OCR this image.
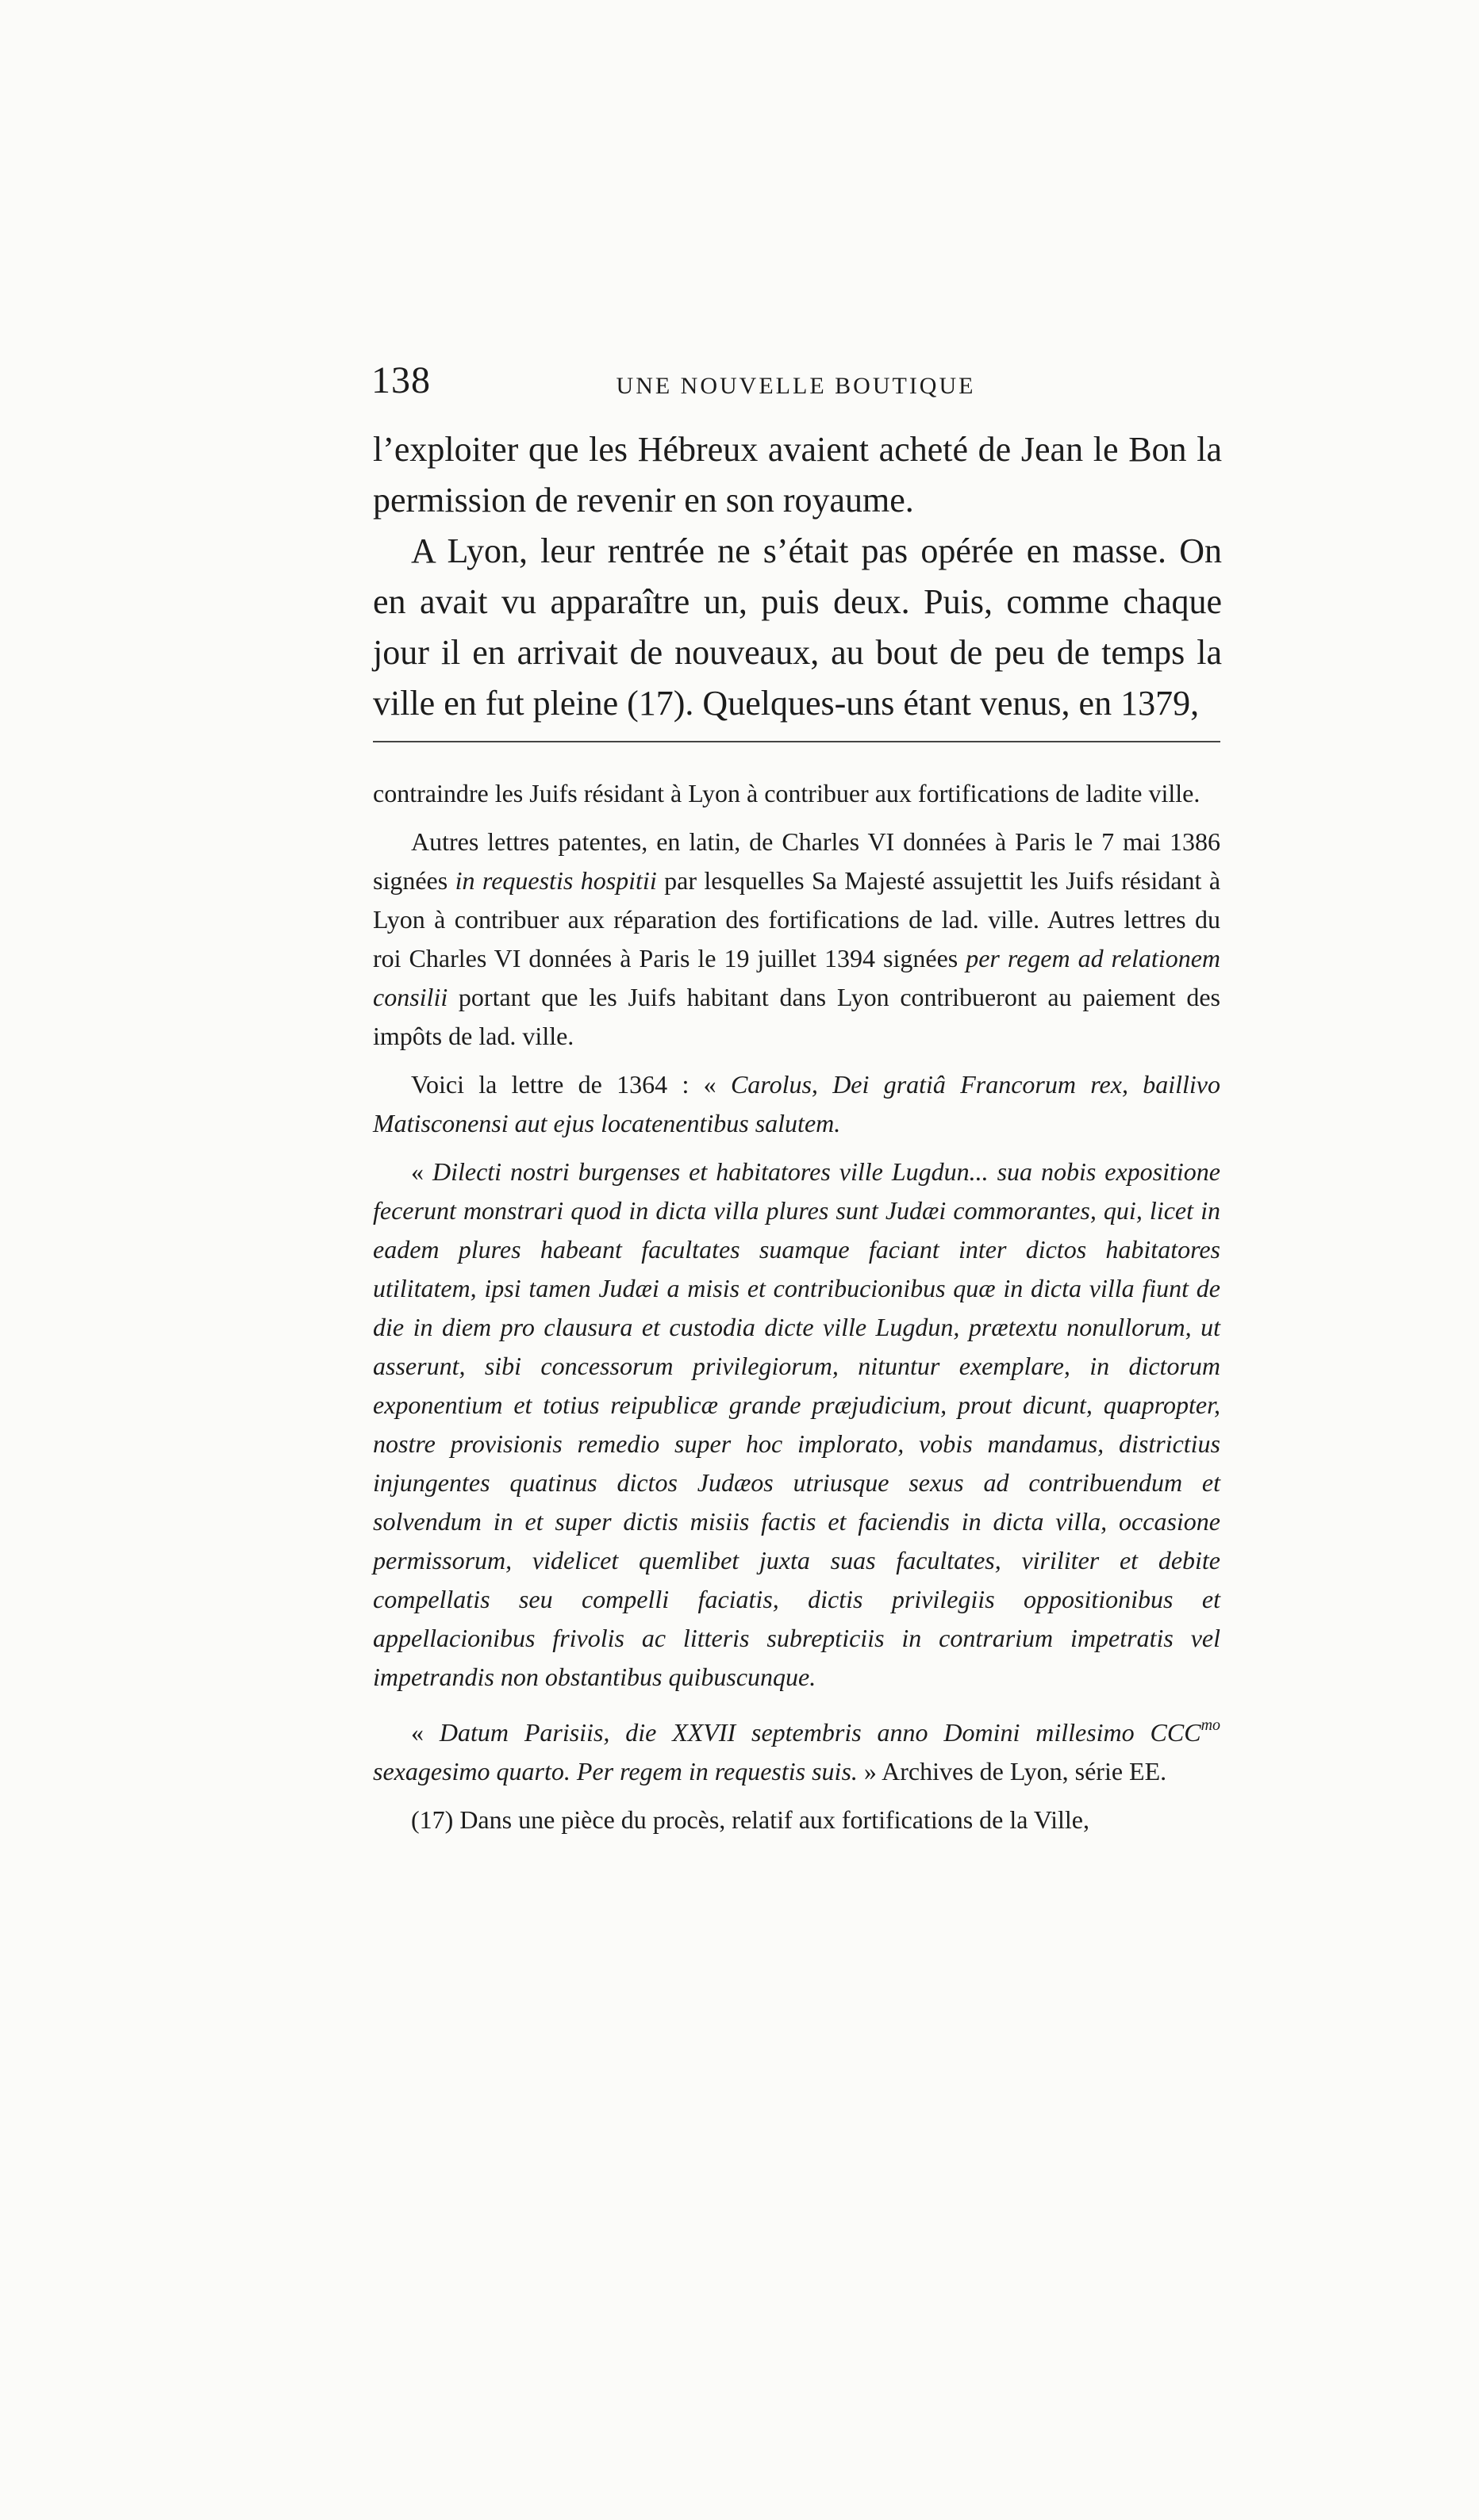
138	UNE NOUVELLE BOUTIQUE

l’exploiter que les Hébreux avaient acheté de Jean le Bon la permission de revenir en son royaume.

A Lyon, leur rentrée ne s’était pas opérée en masse. On en avait vu apparaître un, puis deux. Puis, comme chaque jour il en arrivait de nouveaux, au bout de peu de temps la ville en fut pleine (17). Quelques-uns étant venus, en 1379,

contraindre les Juifs résidant à Lyon à contribuer aux fortifications de ladite ville.

Autres lettres patentes, en latin, de Charles VI données à Paris le 7 mai 1386 signées in requestis hospitii par lesquelles Sa Majesté assujettit les Juifs résidant à Lyon à contribuer aux réparation des fortifications de lad. ville. Autres lettres du roi Charles VI données à Paris le 19 juillet 1394 signées per regem ad relationem consilii portant que les Juifs habitant dans Lyon contribueront au paiement des impôts de lad. ville.

Voici la lettre de 1364 : « Carolus, Dei gratiâ Francorum rex, baillivo Matisconensi aut ejus locatenentibus salutem.

« Dilecti nostri burgenses et habitatores ville Lugdun... sua nobis expositione fecerunt monstrari quod in dicta villa plures sunt Judæi commorantes, qui, licet in eadem plures habeant facultates suamque faciant inter dictos habitatores utilitatem, ipsi tamen Judæi a misis et contribucionibus quæ in dicta villa fiunt de die in diem pro clausura et custodia dicte ville Lugdun, prætextu nonullorum, ut asserunt, sibi concessorum privilegiorum, nituntur exemplare, in dictorum exponentium et totius reipublicæ grande præjudicium, prout dicunt, quapropter, nostre provisionis remedio super hoc implorato, vobis mandamus, districtius injungentes quatinus dictos Judæos utriusque sexus ad contribuendum et solvendum in et super dictis misiis factis et faciendis in dicta villa, occasione permissorum, videlicet quemlibet juxta suas facultates, viriliter et debite compellatis seu compelli faciatis, dictis privilegiis oppositionibus et appellacionibus frivolis ac litteris subrepticiis in contrarium impetratis vel impetrandis non obstantibus quibuscunque.

« Datum Parisiis, die XXVII septembris anno Domini millesimo $CCC^{mo}$ sexagesimo quarto. Per regem in requestis suis. » Archives de Lyon, série EE.

(17) Dans une pièce du procès, relatif aux fortifications de la Ville,
